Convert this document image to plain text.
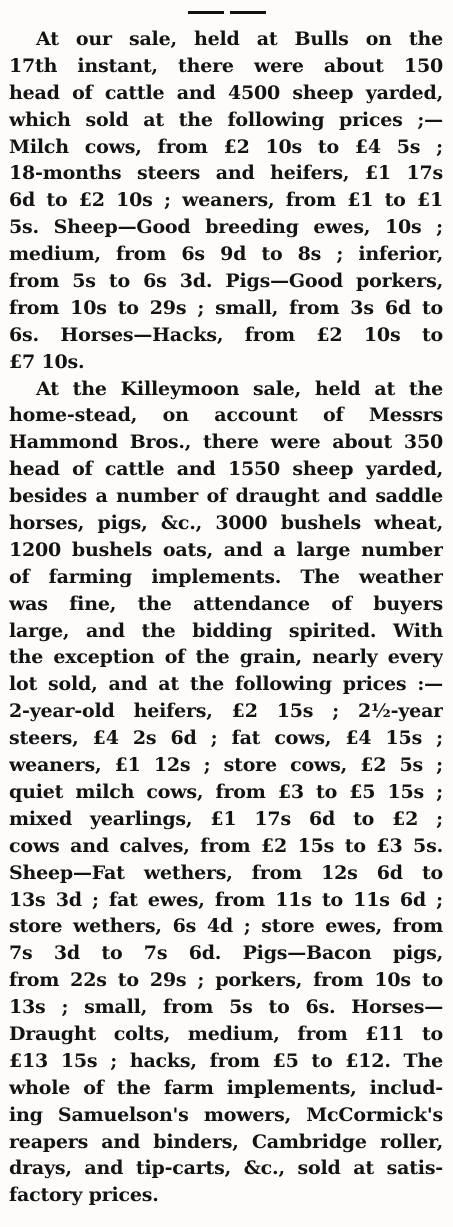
At our sale, held at Bulls on the
17th instant, there were about 150
head of cattle and 4500 sheep yarded,
which sold at the following prices ;—
Milch cows, from £2 10s to £4 5s ;
18-months steers and heifers, £1 17s
6d to £2 10s ; weaners, from £1 to £1
5s. Sheep—Good breeding ewes, 10s ;
medium, from 6s 9d to 8s ; inferior,
from 5s to 6s 3d. Pigs—Good porkers,
from 10s to 29s ; small, from 3s 6d to
6s. Horses—Hacks, from £2 10s to
£7 10s.
At the Killeymoon sale, held at the
home-stead, on account of Messrs
Hammond Bros., there were about 350
head of cattle and 1550 sheep yarded,
besides a number of draught and saddle
horses, pigs, &c., 3000 bushels wheat,
1200 bushels oats, and a large number
of farming implements. The weather
was fine, the attendance of buyers
large, and the bidding spirited. With
the exception of the grain, nearly every
lot sold, and at the following prices :—
2-year-old heifers, £2 15s ; 2½-year
steers, £4 2s 6d ; fat cows, £4 15s ;
weaners, £1 12s ; store cows, £2 5s ;
quiet milch cows, from £3 to £5 15s ;
mixed yearlings, £1 17s 6d to £2 ;
cows and calves, from £2 15s to £3 5s.
Sheep—Fat wethers, from 12s 6d to
13s 3d ; fat ewes, from 11s to 11s 6d ;
store wethers, 6s 4d ; store ewes, from
7s 3d to 7s 6d. Pigs—Bacon pigs,
from 22s to 29s ; porkers, from 10s to
13s ; small, from 5s to 6s. Horses—
Draught colts, medium, from £11 to
£13 15s ; hacks, from £5 to £12. The
whole of the farm implements, includ-
ing Samuelson's mowers, McCormick's
reapers and binders, Cambridge roller,
drays, and tip-carts, &c., sold at satis-
factory prices.
